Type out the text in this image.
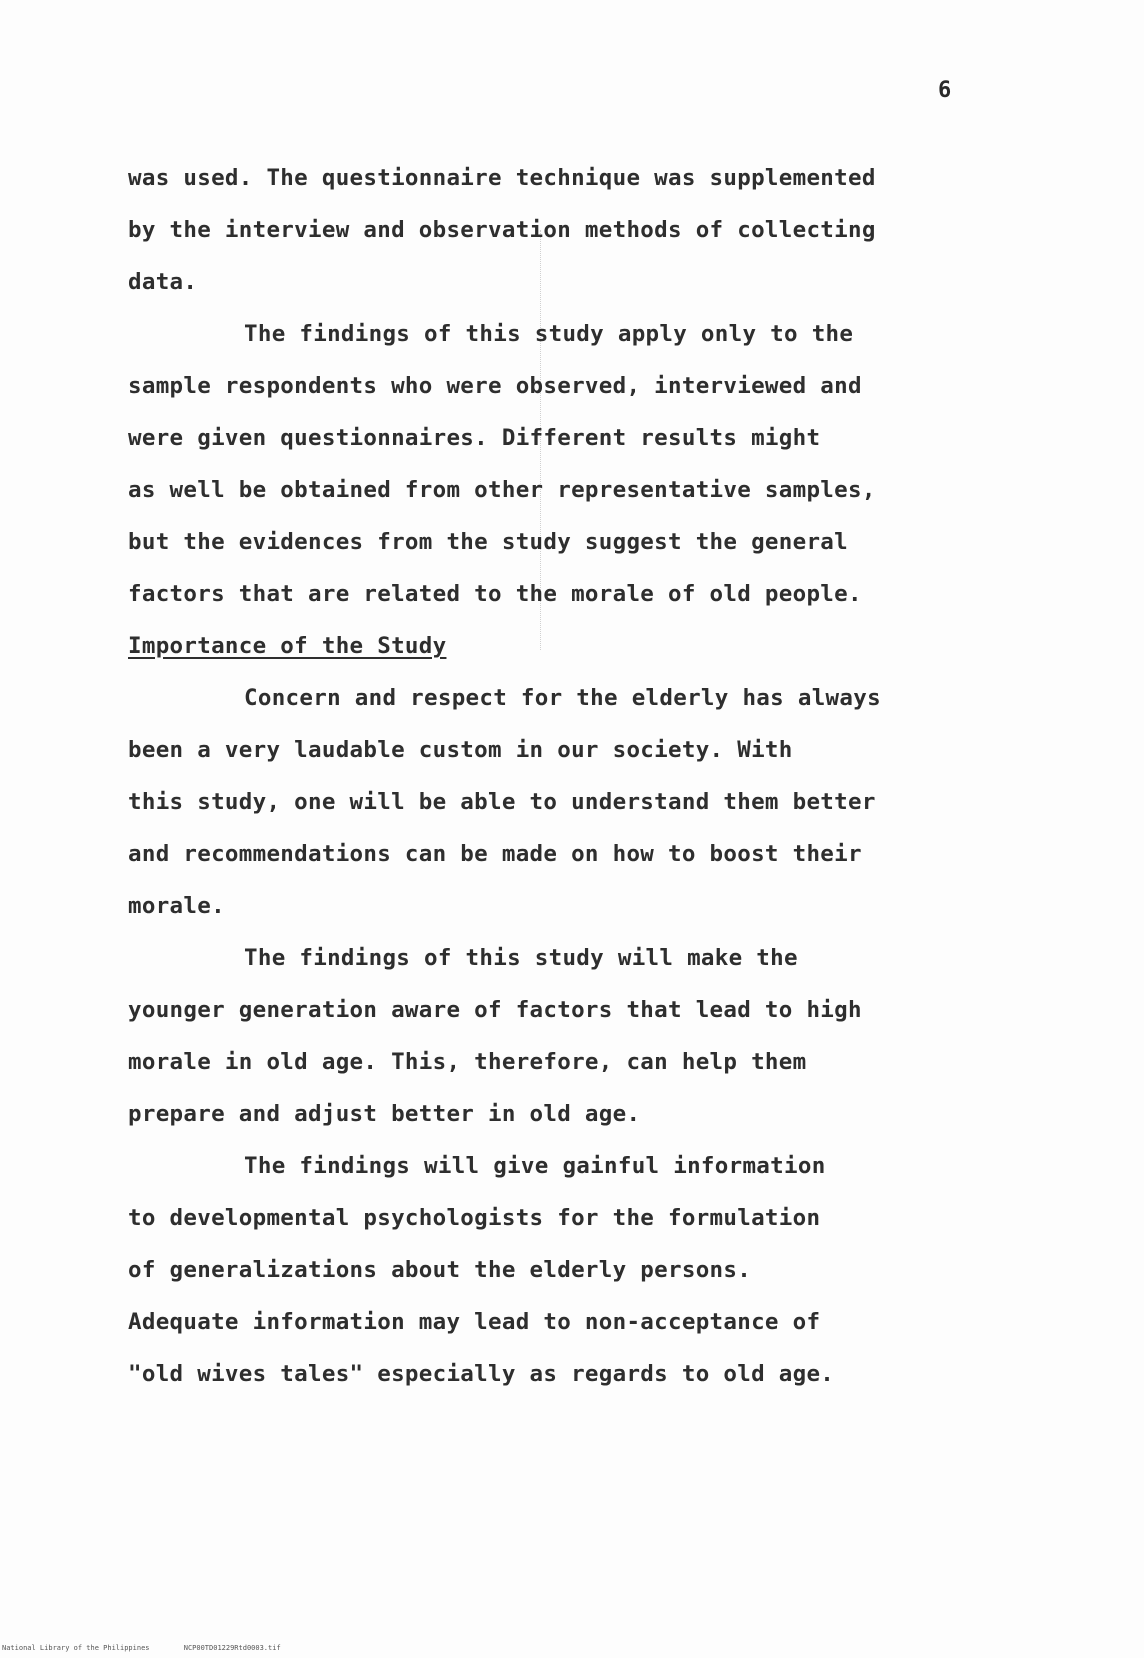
6
was used. The questionnaire technique was supplemented
by the interview and observation methods of collecting
data.
The findings of this study apply only to the
sample respondents who were observed, interviewed and
were given questionnaires. Different results might
as well be obtained from other representative samples,
but the evidences from the study suggest the general
factors that are related to the morale of old people.
Importance of the Study
Concern and respect for the elderly has always
been a very laudable custom in our society. With
this study, one will be able to understand them better
and recommendations can be made on how to boost their
morale.
The findings of this study will make the
younger generation aware of factors that lead to high
morale in old age. This, therefore, can help them
prepare and adjust better in old age.
The findings will give gainful information
to developmental psychologists for the formulation
of generalizations about the elderly persons.
Adequate information may lead to non-acceptance of
"old wives tales" especially as regards to old age.
National Library of the Philippines	NCP00TD01229Rtd0003.tif
